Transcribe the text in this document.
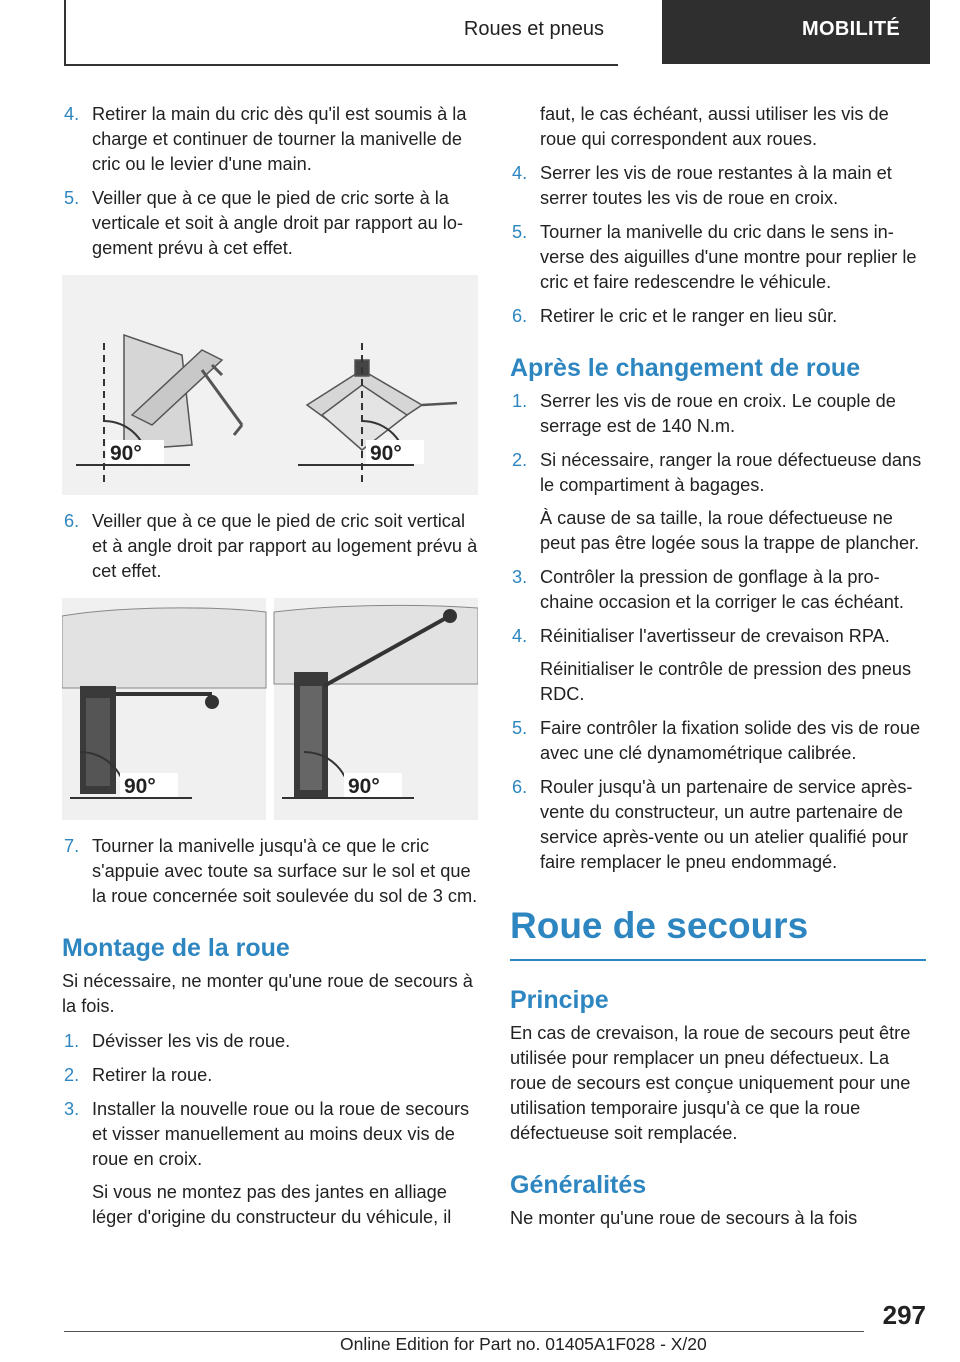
Roues et pneus	MOBILITÉ
4. Retirer la main du cric dès qu'il est soumis à la charge et continuer de tourner la manivelle de cric ou le levier d'une main.
5. Veiller que à ce que le pied de cric sorte à la verticale et soit à angle droit par rapport au logement prévu à cet effet.
90°	90°
6. Veiller que à ce que le pied de cric soit vertical et à angle droit par rapport au logement prévu à cet effet.
90°	90°
7. Tourner la manivelle jusqu'à ce que le cric s'appuie avec toute sa surface sur le sol et que la roue concernée soit soulevée du sol de 3 cm.
Montage de la roue
Si nécessaire, ne monter qu'une roue de secours à la fois.
1. Dévisser les vis de roue.
2. Retirer la roue.
3. Installer la nouvelle roue ou la roue de secours et visser manuellement au moins deux vis de roue en croix.
Si vous ne montez pas des jantes en alliage léger d'origine du constructeur du véhicule, il
faut, le cas échéant, aussi utiliser les vis de roue qui correspondent aux roues.
4. Serrer les vis de roue restantes à la main et serrer toutes les vis de roue en croix.
5. Tourner la manivelle du cric dans le sens inverse des aiguilles d'une montre pour replier le cric et faire redescendre le véhicule.
6. Retirer le cric et le ranger en lieu sûr.
Après le changement de roue
1. Serrer les vis de roue en croix. Le couple de serrage est de 140 N.m.
2. Si nécessaire, ranger la roue défectueuse dans le compartiment à bagages.
À cause de sa taille, la roue défectueuse ne peut pas être logée sous la trappe de plancher.
3. Contrôler la pression de gonflage à la prochaine occasion et la corriger le cas échéant.
4. Réinitialiser l'avertisseur de crevaison RPA.
Réinitialiser le contrôle de pression des pneus RDC.
5. Faire contrôler la fixation solide des vis de roue avec une clé dynamométrique calibrée.
6. Rouler jusqu'à un partenaire de service après-vente du constructeur, un autre partenaire de service après-vente ou un atelier qualifié pour faire remplacer le pneu endommagé.
Roue de secours
Principe
En cas de crevaison, la roue de secours peut être utilisée pour remplacer un pneu défectueux. La roue de secours est conçue uniquement pour une utilisation temporaire jusqu'à ce que la roue défectueuse soit remplacée.
Généralités
Ne monter qu'une roue de secours à la fois
297
Online Edition for Part no. 01405A1F028 - X/20
